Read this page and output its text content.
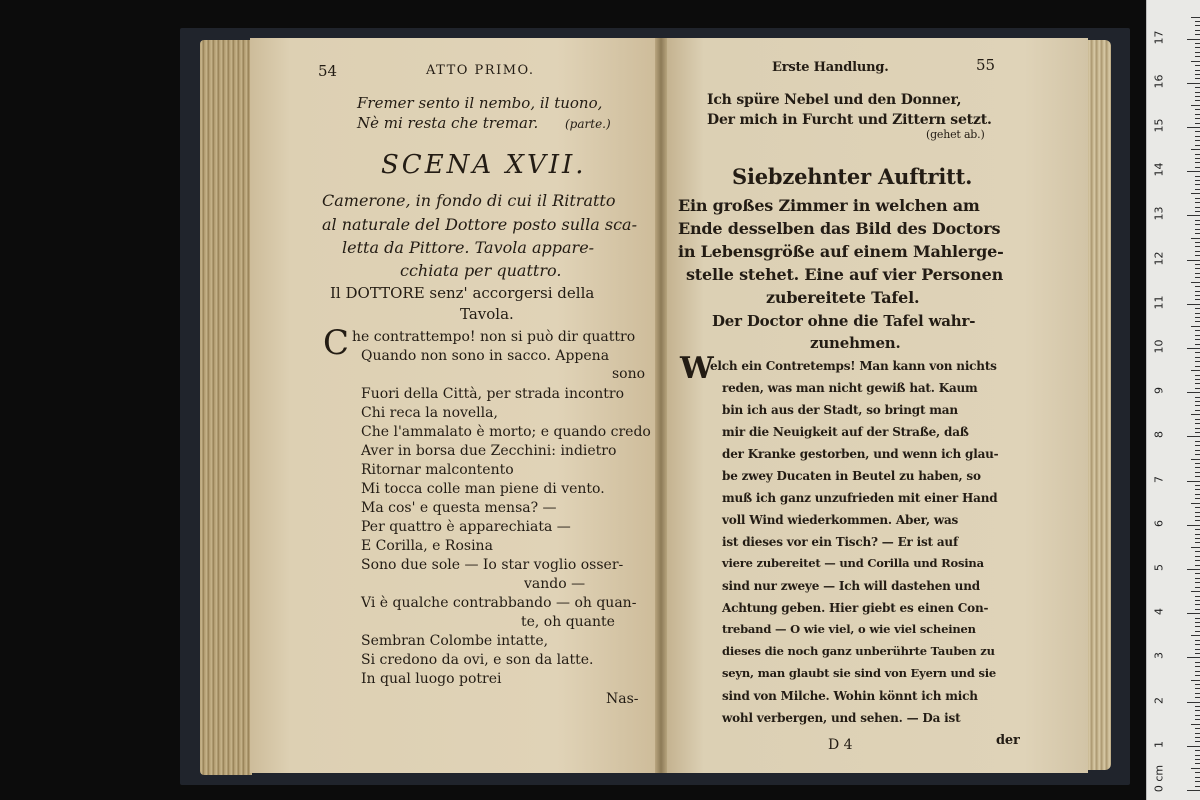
54	ATTO PRIMO.
Fremer sento il nembo, il tuono,
Nè mi resta che tremar. (parte.)
SCENA XVII.
Camerone, in fondo di cui il Ritratto
al naturale del Dottore posto sulla sca-
letta da Pittore. Tavola appare-
cchiata per quattro.
Il DOTTORE senz' accorgersi della
Tavola.
C he contrattempo! non si può dir quattro
Quando non sono in sacco. Appena
sono
Fuori della Città, per strada incontro
Chi reca la novella,
Che l'ammalato è morto; e quando credo
Aver in borsa due Zecchini: indietro
Ritornar malcontento
Mi tocca colle man piene di vento.
Ma cos' e questa mensa? —
Per quattro è apparechiata —
E Corilla, e Rosina
Sono due sole — Io star voglio osser-
vando —
Vi è qualche contrabbando — oh quan-
te, oh quante
Sembran Colombe intatte,
Si credono da ovi, e son da latte.
In qual luogo potrei
Nas-
Erste Handlung.	55
Ich spüre Nebel und den Donner,
Der mich in Furcht und Zittern setzt.
(gehet ab.)
Siebzehnter Auftritt.
Ein großes Zimmer in welchen am
Ende desselben das Bild des Doctors
in Lebensgröße auf einem Mahlerge-
stelle stehet. Eine auf vier Personen
zubereitete Tafel.
Der Doctor ohne die Tafel wahr-
zunehmen.
W
elch ein Contretemps! Man kann von nichts
reden, was man nicht gewiß hat. Kaum
bin ich aus der Stadt, so bringt man
mir die Neuigkeit auf der Straße, daß
der Kranke gestorben, und wenn ich glau-
be zwey Ducaten in Beutel zu haben, so
muß ich ganz unzufrieden mit einer Hand
voll Wind wiederkommen. Aber, was
ist dieses vor ein Tisch? — Er ist auf
viere zubereitet — und Corilla und Rosina
sind nur zweye — Ich will dastehen und
Achtung geben. Hier giebt es einen Con-
treband — O wie viel, o wie viel scheinen
dieses die noch ganz unberührte Tauben zu
seyn, man glaubt sie sind von Eyern und sie
sind von Milche. Wohin könnt ich mich
wohl verbergen, und sehen. — Da ist
D 4	der
0 cm
1
2
3
4
5
6
7
8
9
10
11
12
13
14
15
16
17
